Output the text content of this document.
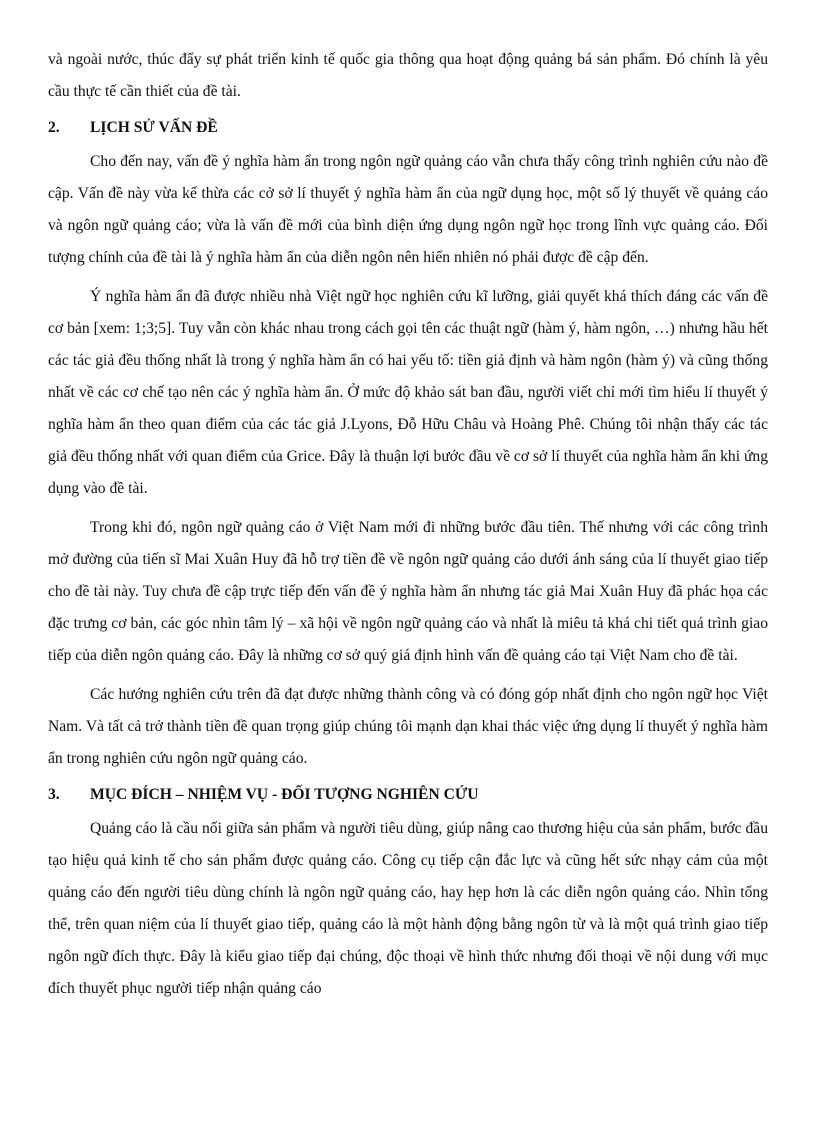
và ngoài nước, thúc đẩy sự phát triển kinh tế quốc gia thông qua hoạt động quảng bá sản phẩm. Đó chính là yêu cầu thực tế cần thiết của đề tài.

2.	LỊCH SỬ VẤN ĐỀ

Cho đến nay, vấn đề ý nghĩa hàm ẩn trong ngôn ngữ quảng cáo vẫn chưa thấy công trình nghiên cứu nào đề cập. Vấn đề này vừa kế thừa các cở sở lí thuyết ý nghĩa hàm ẩn của ngữ dụng học, một số lý thuyết về quảng cáo và ngôn ngữ quảng cáo; vừa là vấn đề mới của bình diện ứng dụng ngôn ngữ học trong lĩnh vực quảng cáo. Đối tượng chính của đề tài là ý nghĩa hàm ẩn của diễn ngôn nên hiển nhiên nó phải được đề cập đến.

Ý nghĩa hàm ẩn đã được nhiều nhà Việt ngữ học nghiên cứu kĩ lưỡng, giải quyết khá thích đáng các vấn đề cơ bản [xem: 1;3;5]. Tuy vẫn còn khác nhau trong cách gọi tên các thuật ngữ (hàm ý, hàm ngôn, …) nhưng hầu hết các tác giả đều thống nhất là trong ý nghĩa hàm ẩn có hai yếu tố: tiền giả định và hàm ngôn (hàm ý) và cũng thống nhất về các cơ chế tạo nên các ý nghĩa hàm ẩn. Ở mức độ khảo sát ban đầu, người viết chỉ mới tìm hiểu lí thuyết ý nghĩa hàm ẩn theo quan điểm của các tác giả J.Lyons, Đỗ Hữu Châu và Hoàng Phê. Chúng tôi nhận thấy các tác giả đều thống nhất với quan điểm của Grice. Đây là thuận lợi bước đầu về cơ sở lí thuyết của nghĩa hàm ẩn khi ứng dụng vào đề tài.

Trong khi đó, ngôn ngữ quảng cáo ở Việt Nam mới đi những bước đầu tiên. Thế nhưng với các công trình mở đường của tiến sĩ Mai Xuân Huy đã hỗ trợ tiền đề về ngôn ngữ quảng cáo dưới ánh sáng của lí thuyết giao tiếp cho đề tài này. Tuy chưa đề cập trực tiếp đến vấn đề ý nghĩa hàm ẩn nhưng tác giả Mai Xuân Huy đã phác họa các đặc trưng cơ bản, các góc nhìn tâm lý – xã hội về ngôn ngữ quảng cáo và nhất là miêu tả khá chi tiết quá trình giao tiếp của diễn ngôn quảng cáo. Đây là những cơ sở quý giá định hình vấn đề quảng cáo tại Việt Nam cho đề tài.

Các hướng nghiên cứu trên đã đạt được những thành công và có đóng góp nhất định cho ngôn ngữ học Việt Nam. Và tất cả trở thành tiền đề quan trọng giúp chúng tôi mạnh dạn khai thác việc ứng dụng lí thuyết ý nghĩa hàm ẩn trong nghiên cứu ngôn ngữ quảng cáo.

3.	MỤC ĐÍCH – NHIỆM VỤ - ĐỐI TƯỢNG NGHIÊN CỨU

Quảng cáo là cầu nối giữa sản phẩm và người tiêu dùng, giúp nâng cao thương hiệu của sản phẩm, bước đầu tạo hiệu quả kinh tế cho sản phẩm được quảng cáo. Công cụ tiếp cận đắc lực và cũng hết sức nhạy cảm của một quảng cáo đến người tiêu dùng chính là ngôn ngữ quảng cáo, hay hẹp hơn là các diễn ngôn quảng cáo. Nhìn tổng thể, trên quan niệm của lí thuyết giao tiếp, quảng cáo là một hành động bằng ngôn từ và là một quá trình giao tiếp ngôn ngữ đích thực. Đây là kiểu giao tiếp đại chúng, độc thoại về hình thức nhưng đối thoại về nội dung với mục đích thuyết phục người tiếp nhận quảng cáo
